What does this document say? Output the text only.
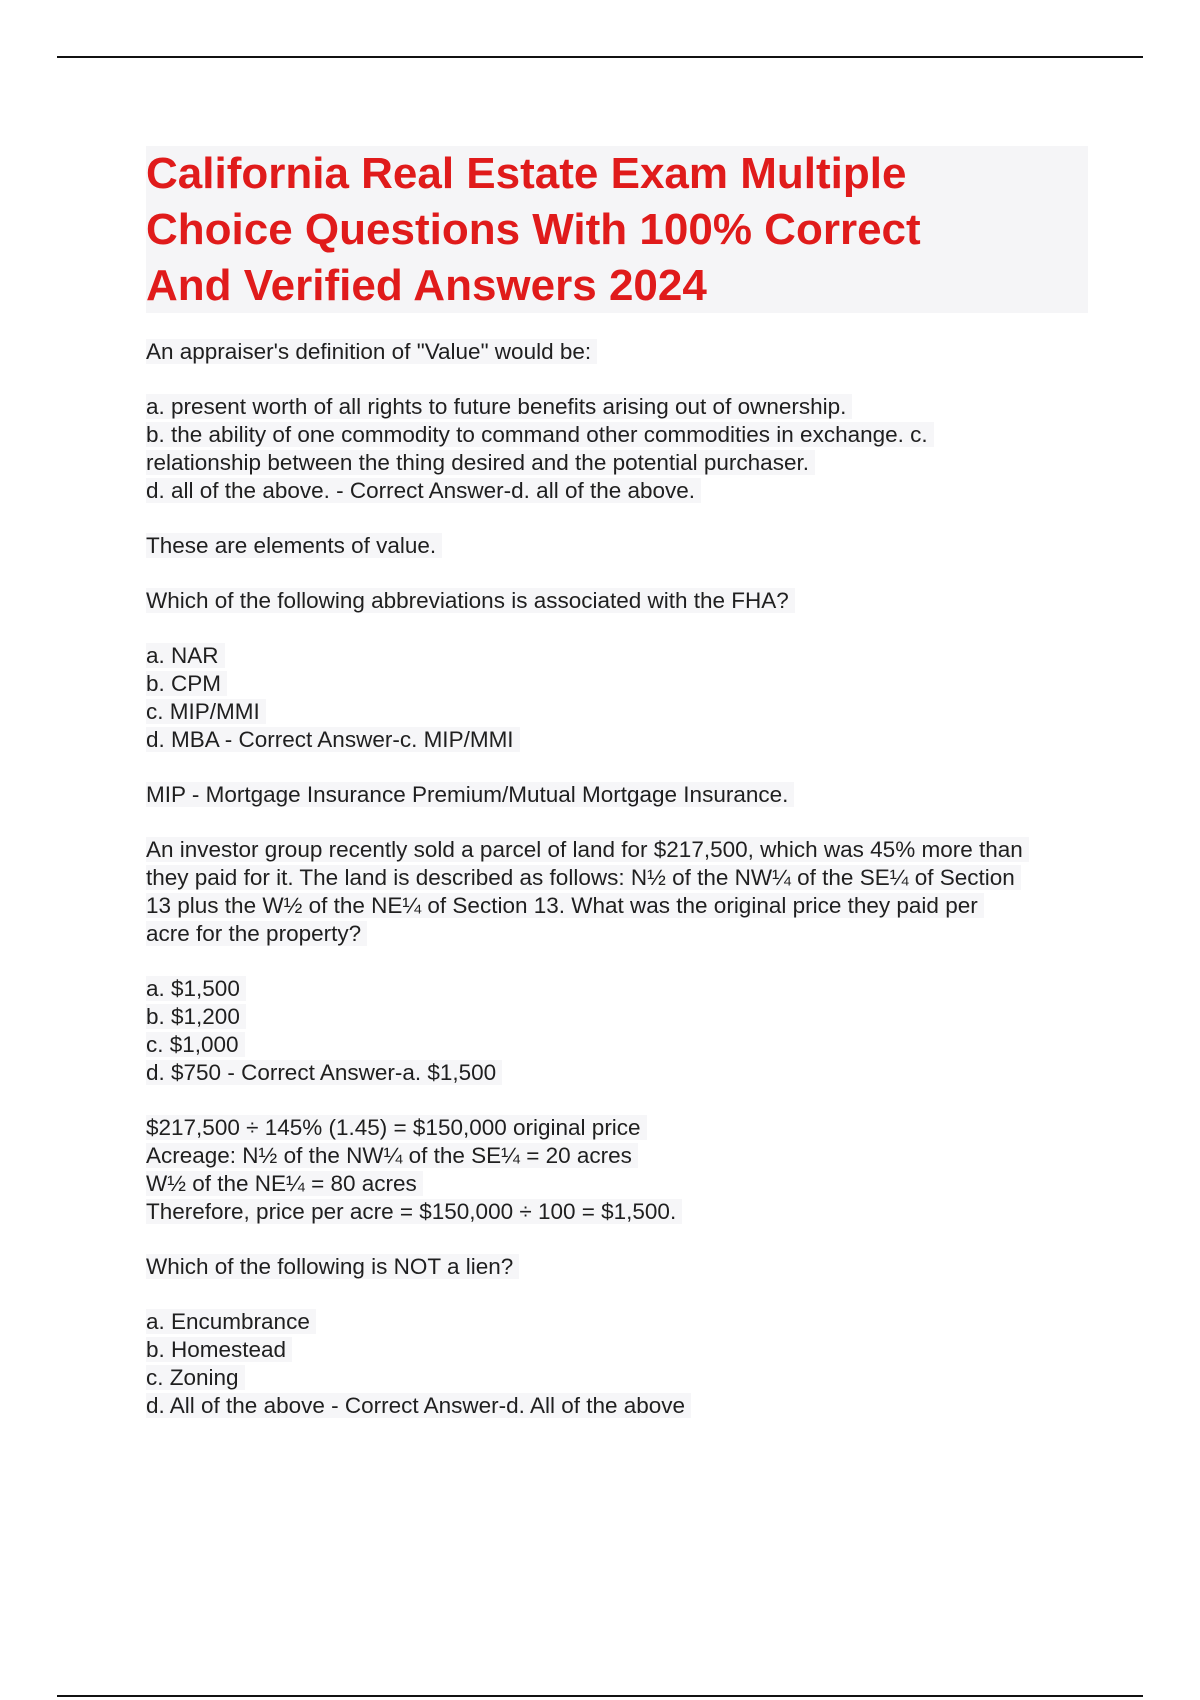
California Real Estate Exam Multiple
Choice Questions With 100% Correct
And Verified Answers 2024
An appraiser's definition of "Value" would be:
a. present worth of all rights to future benefits arising out of ownership.
b. the ability of one commodity to command other commodities in exchange. c.
relationship between the thing desired and the potential purchaser.
d. all of the above. - Correct Answer-d. all of the above.
These are elements of value.
Which of the following abbreviations is associated with the FHA?
a. NAR
b. CPM
c. MIP/MMI
d. MBA - Correct Answer-c. MIP/MMI
MIP - Mortgage Insurance Premium/Mutual Mortgage Insurance.
An investor group recently sold a parcel of land for $217,500, which was 45% more than
they paid for it. The land is described as follows: N½ of the NW¼ of the SE¼ of Section
13 plus the W½ of the NE¼ of Section 13. What was the original price they paid per
acre for the property?
a. $1,500
b. $1,200
c. $1,000
d. $750 - Correct Answer-a. $1,500
$217,500 ÷ 145% (1.45) = $150,000 original price
Acreage: N½ of the NW¼ of the SE¼ = 20 acres
W½ of the NE¼ = 80 acres
Therefore, price per acre = $150,000 ÷ 100 = $1,500.
Which of the following is NOT a lien?
a. Encumbrance
b. Homestead
c. Zoning
d. All of the above - Correct Answer-d. All of the above
